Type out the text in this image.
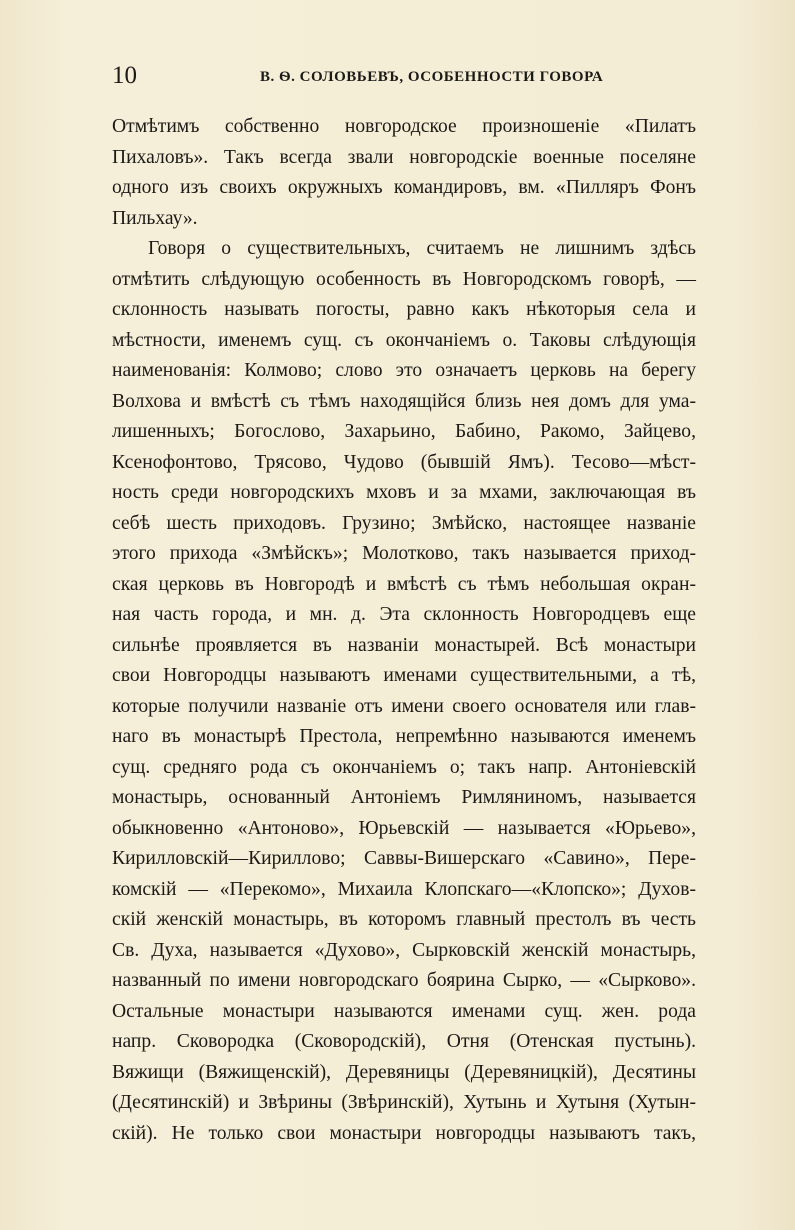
10	В. Ѳ. СОЛОВЬЕВЪ, ОСОБЕННОСТИ ГОВОРА
Отмѣтимъ собственно новгородское произношеніе «Пилатъ
Пихаловъ». Такъ всегда звали новгородскіе военные поселяне
одного изъ своихъ окружныхъ командировъ, вм. «Пилляръ Фонъ
Пильхау».
Говоря о существительныхъ, считаемъ не лишнимъ здѣсь
отмѣтить слѣдующую особенность въ Новгородскомъ говорѣ, —
склонность называть погосты, равно какъ нѣкоторыя села и
мѣстности, именемъ сущ. съ окончаніемъ о. Таковы слѣдующія
наименованія: Колмово; слово это означаетъ церковь на берегу
Волхова и вмѣстѣ съ тѣмъ находящійся близь нея домъ для ума-
лишенныхъ; Богослово, Захарьино, Бабино, Ракомо, Зайцево,
Ксенофонтово, Трясово, Чудово (бывшій Ямъ). Тесово—мѣст-
ность среди новгородскихъ мховъ и за мхами, заключающая въ
себѣ шесть приходовъ. Грузино; Змѣйско, настоящее названіе
этого прихода «Змѣйскъ»; Молотково, такъ называется приход-
ская церковь въ Новгородѣ и вмѣстѣ съ тѣмъ небольшая окран-
ная часть города, и мн. д. Эта склонность Новгородцевъ еще
сильнѣе проявляется въ названіи монастырей. Всѣ монастыри
свои Новгородцы называютъ именами существительными, а тѣ,
которые получили названіе отъ имени своего основателя или глав-
наго въ монастырѣ Престола, непремѣнно называются именемъ
сущ. средняго рода съ окончаніемъ о; такъ напр. Антоніевскій
монастырь, основанный Антоніемъ Римляниномъ, называется
обыкновенно «Антоново», Юрьевскій — называется «Юрьево»,
Кирилловскій—Кириллово; Саввы-Вишерскаго «Савино», Пере-
комскій — «Перекомо», Михаила Клопскаго—«Клопско»; Духов-
скій женскій монастырь, въ которомъ главный престолъ въ честь
Св. Духа, называется «Духово», Сырковскій женскій монастырь,
названный по имени новгородскаго боярина Сырко, — «Сырково».
Остальные монастыри называются именами сущ. жен. рода
напр. Сковородка (Сковородскій), Отня (Отенская пустынь).
Вяжищи (Вяжищенскій), Деревяницы (Деревяницкій), Десятины
(Десятинскій) и Звѣрины (Звѣринскій), Хутынь и Хутыня (Хутын-
скій). Не только свои монастыри новгородцы называютъ такъ,
